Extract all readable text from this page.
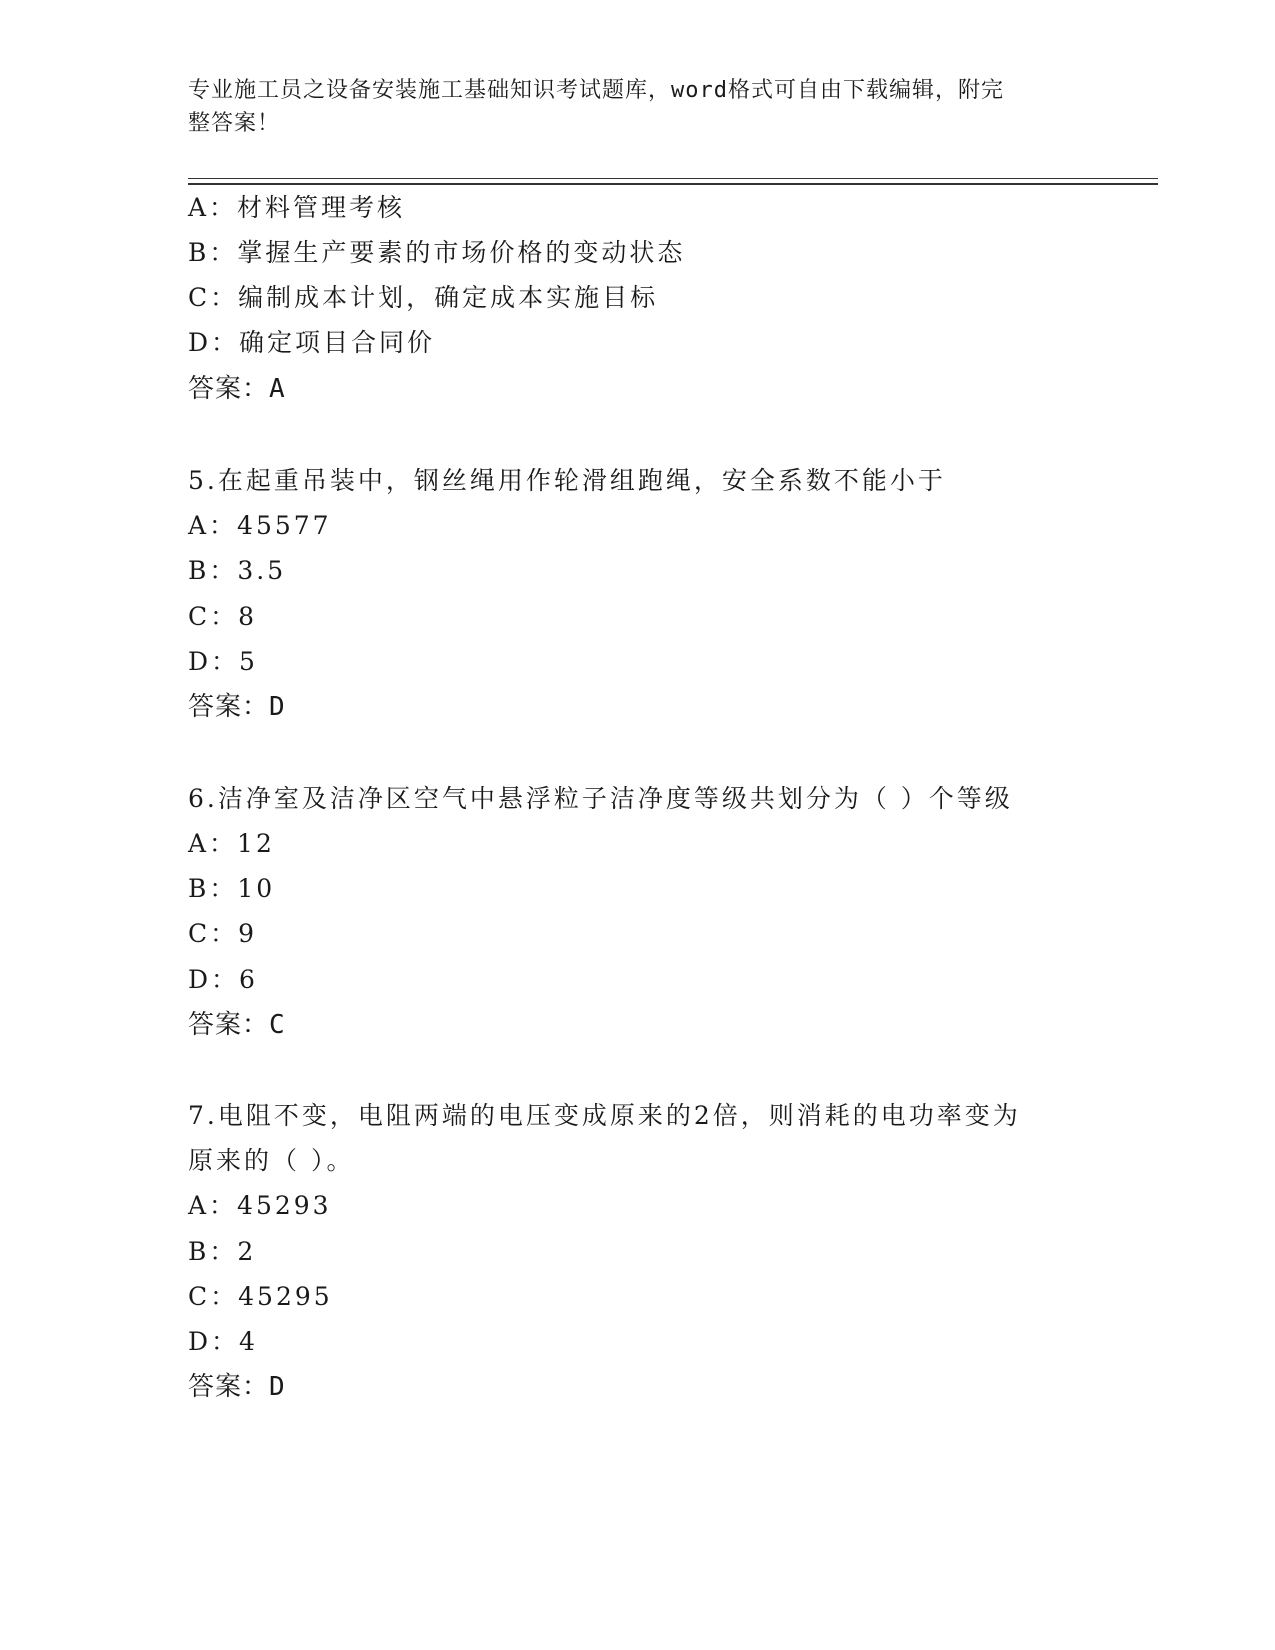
专业施工员之设备安装施工基础知识考试题库，word格式可自由下载编辑，附完
整答案！
A：材料管理考核
B：掌握生产要素的市场价格的变动状态
C：编制成本计划，确定成本实施目标
D：确定项目合同价
答案：A
5.在起重吊装中，钢丝绳用作轮滑组跑绳，安全系数不能小于
A：45577
B：3.5
C：8
D：5
答案：D
6.洁净室及洁净区空气中悬浮粒子洁净度等级共划分为（ ）个等级
A：12
B：10
C：9
D：6
答案：C
7.电阻不变，电阻两端的电压变成原来的2倍，则消耗的电功率变为
原来的（ ）。
A：45293
B：2
C：45295
D：4
答案：D
